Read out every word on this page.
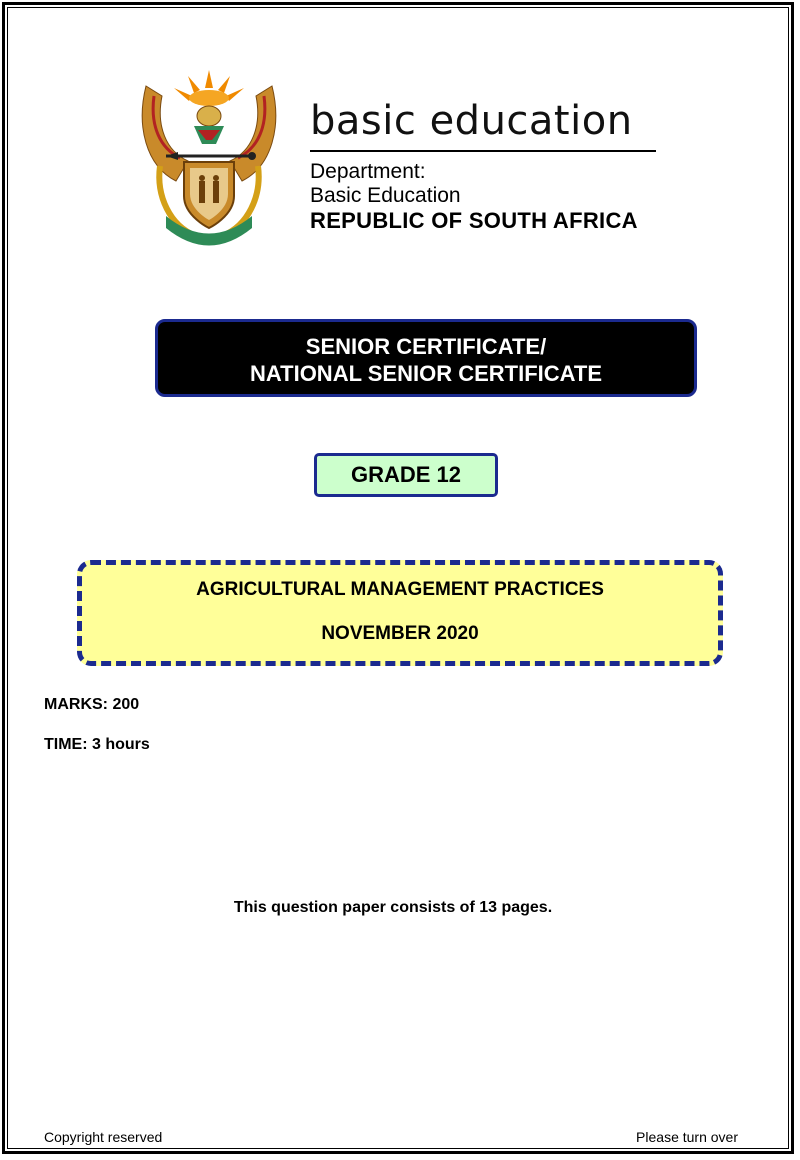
basic education
Department:
Basic Education
REPUBLIC OF SOUTH AFRICA
SENIOR CERTIFICATE/
NATIONAL SENIOR CERTIFICATE
GRADE 12
AGRICULTURAL MANAGEMENT PRACTICES
NOVEMBER 2020
MARKS: 200
TIME: 3 hours
This question paper consists of 13 pages.
Copyright reserved	Please turn over
